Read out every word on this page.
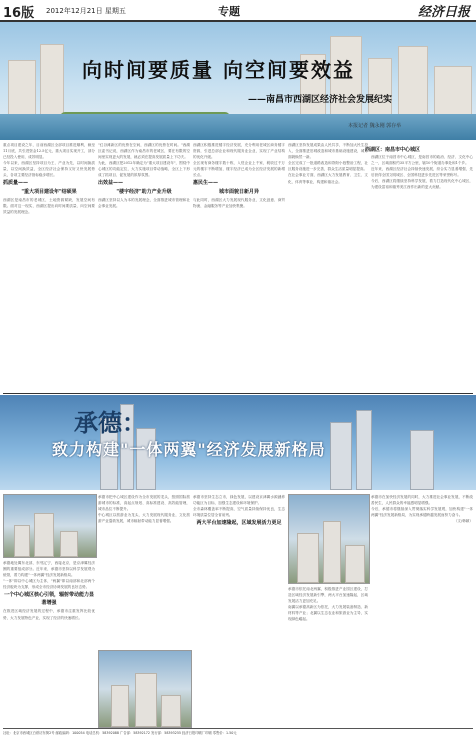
16版 2012年12月21日 星期五	专题	经济日报
向时间要质量 向空间要效益
——南昌市西湖区经济社会发展纪实
本报记者 魏永刚 郭存举

重点项目建设之年，目前西湖区全部项目推进顺利，截至11月底，共引进资金12.5亿元，重大项目实现开工，部分已经投入使用，成效明显。

今年以来，西湖区坚持项目为王、产业为先，以时间换质量，以空间换效益，全区经济社会保持又好又快发展势头，各项主要经济指标稳步增长。

抓质量——
"重大项目建设年"结硕果

西湖区是南昌市的老城区，土地资源紧缺，发展空间有限。面对这一现实，西湖区提出向时间要质量、向空间要效益的发展理念。

"红谷滩新区的优势在空间，西湖区的优势在时间。"西湖区委书记说，西湖区作为南昌市的老城区，要在有限的空间里实现更大的发展，就必须在提高发展质量上下功夫。

为此，西湖区把2012年确定为"重大项目建设年"，围绕中心城区的功能定位，大力实施项目带动战略，全区上下形成了抓项目、促发展的浓厚氛围。

出效益——
"楼宇经济"助力产业升级

西湖区坚持以人为本的发展理念，全面推进城市管理和社会事业发展。

西湖区积极推进楼宇经济发展，充分利用老城区商务楼宇资源，引进总部企业和现代服务业企业，实现了产业结构的优化升级。

全区现有商务楼宇数十栋，入驻企业上千家，税收过千万元的楼宇不断增加，楼宇经济已成为全区经济发展的新增长点。

惠民生——
城市面貌日新月异

与此同时，西湖区大力发展现代服务业，文化创意、商贸物流、金融服务等产业加快集聚。

西湖区坚持发展成果由人民共享，不断加大民生投入，全面推进旧城改造和城市基础设施建设，城市面貌焕然一新。

全区完成了一批道路改造和背街小巷整治工程，社区服务设施进一步完善，群众生活质量明显提高。

在社会事业方面，西湖区大力发展教育、卫生、文化、体育等事业，构建和谐社会。

西湖区位于南昌市中心城区，是南昌市的政治、经济、文化中心之一，区域面积约35平方公里，辖10个街道办事处和1个乡。

近年来，西湖区经济社会持续快速发展，综合实力显著增强，先后获得全国文明城区、全国科技进步先进区等荣誉称号。

今后，西湖区将继续坚持科学发展，着力打造现代化中心城区，为建设富裕和谐秀美江西作出新的更大贡献。

西湖区：南昌市中心城区
承德：
致力构建"一体两翼"经济发展新格局

承德地处冀东北部，东邻辽宁，西接北京，是京津冀经济圈的重要组成部分。近年来，承德市坚持以科学发展观为统领，着力构建"一体两翼"经济发展新格局。

"一体"即以中心城区为主体，"两翼"即以南部和北部两个经济板块为支撑，形成全市经济协调发展的良好态势。

一个中心城区核心引领，辐射带动能力显著增强

在推进区域经济发展的过程中，承德市注重发挥比较优势，大力发展特色产业，实现了经济的快速增长。

承德市把中心城区建设作为全市发展的龙头，按照国际旅游城市的标准，高起点规划、高标准建设、高效能管理，城市品位不断提升。

中心城区以旅游业为龙头，大力发展现代服务业，文化旅游产业蓬勃发展，城市辐射带动能力显著增强。

承德市坚持生态立市，绿色发展，以建设京津冀水源涵养功能区为目标，加强生态建设和环境保护。

全市森林覆盖率不断提高，空气质量持续保持优良，生态环境质量位居全省前列。

两大平台加速隆起，区域发展活力更足

承德市依托南北两翼，积极推进产业园区建设，打造区域经济发展新引擎，两大平台加速隆起，区域发展活力更加充足。

南翼以承德高新区为依托，大力发展装备制造、新材料等产业；北翼以生态农业和旅游业为主导，实现绿色崛起。

承德市在加快经济发展的同时，大力推进社会事业发展，不断改善民生，人民群众的幸福感明显增强。

今后，承德市将继续深入贯彻落实科学发展观，加快构建"一体两翼"经济发展新格局，为实现承德跨越发展而努力奋斗。

（文/韩颖）

社址：北京市西城区白纸坊东街2号 邮政编码：100054 电话总机：58392088 广告部：58392172 发行部：58393255 经济日报印刷厂印刷 零售价：1.50元
